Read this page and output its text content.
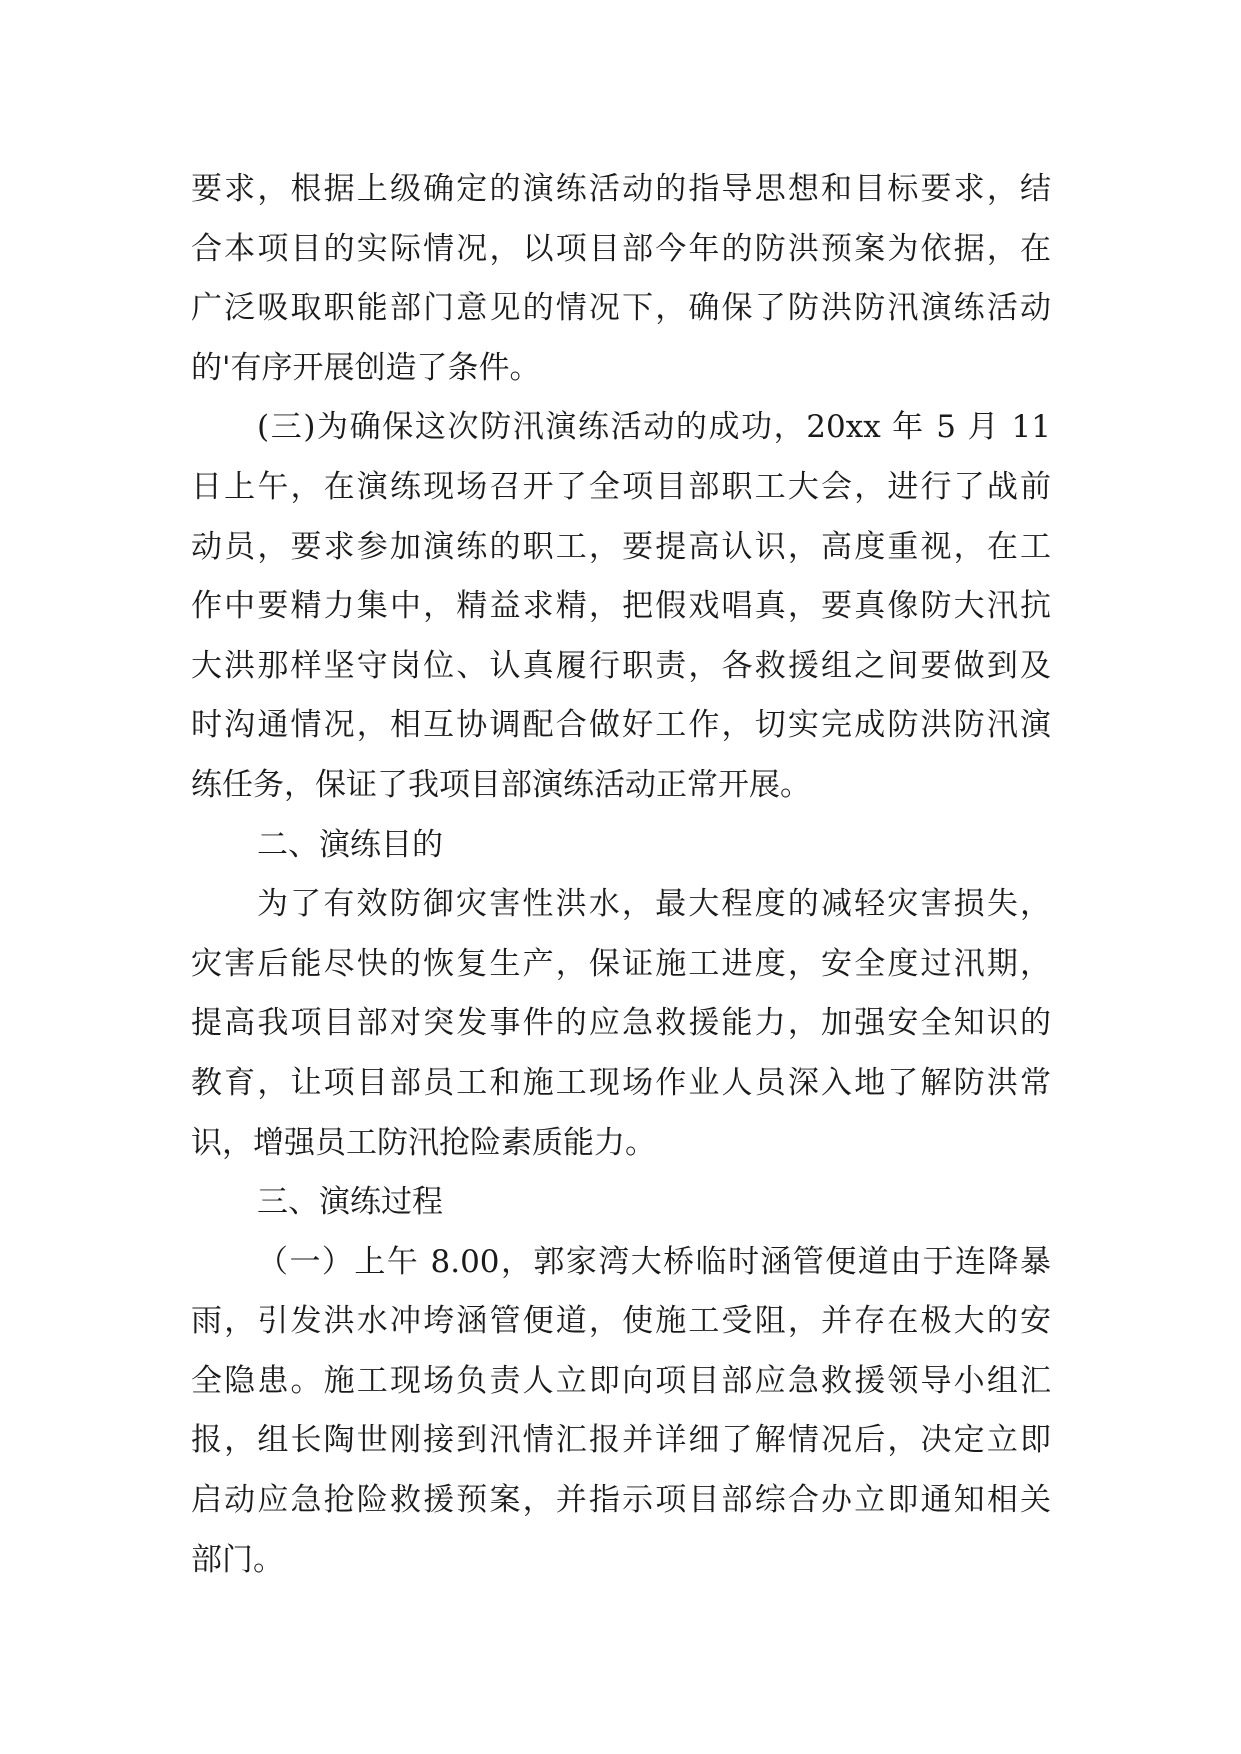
要求，根据上级确定的演练活动的指导思想和目标要求，结
合本项目的实际情况，以项目部今年的防洪预案为依据，在
广泛吸取职能部门意见的情况下，确保了防洪防汛演练活动
的'有序开展创造了条件。
(三)为确保这次防汛演练活动的成功，20xx 年 5 月 11
日上午，在演练现场召开了全项目部职工大会，进行了战前
动员，要求参加演练的职工，要提高认识，高度重视，在工
作中要精力集中，精益求精，把假戏唱真，要真像防大汛抗
大洪那样坚守岗位、认真履行职责，各救援组之间要做到及
时沟通情况，相互协调配合做好工作，切实完成防洪防汛演
练任务，保证了我项目部演练活动正常开展。
二、演练目的
为了有效防御灾害性洪水，最大程度的减轻灾害损失，
灾害后能尽快的恢复生产，保证施工进度，安全度过汛期，
提高我项目部对突发事件的应急救援能力，加强安全知识的
教育，让项目部员工和施工现场作业人员深入地了解防洪常
识，增强员工防汛抢险素质能力。
三、演练过程
（一）上午 8.00，郭家湾大桥临时涵管便道由于连降暴
雨，引发洪水冲垮涵管便道，使施工受阻，并存在极大的安
全隐患。施工现场负责人立即向项目部应急救援领导小组汇
报，组长陶世刚接到汛情汇报并详细了解情况后，决定立即
启动应急抢险救援预案，并指示项目部综合办立即通知相关
部门。
